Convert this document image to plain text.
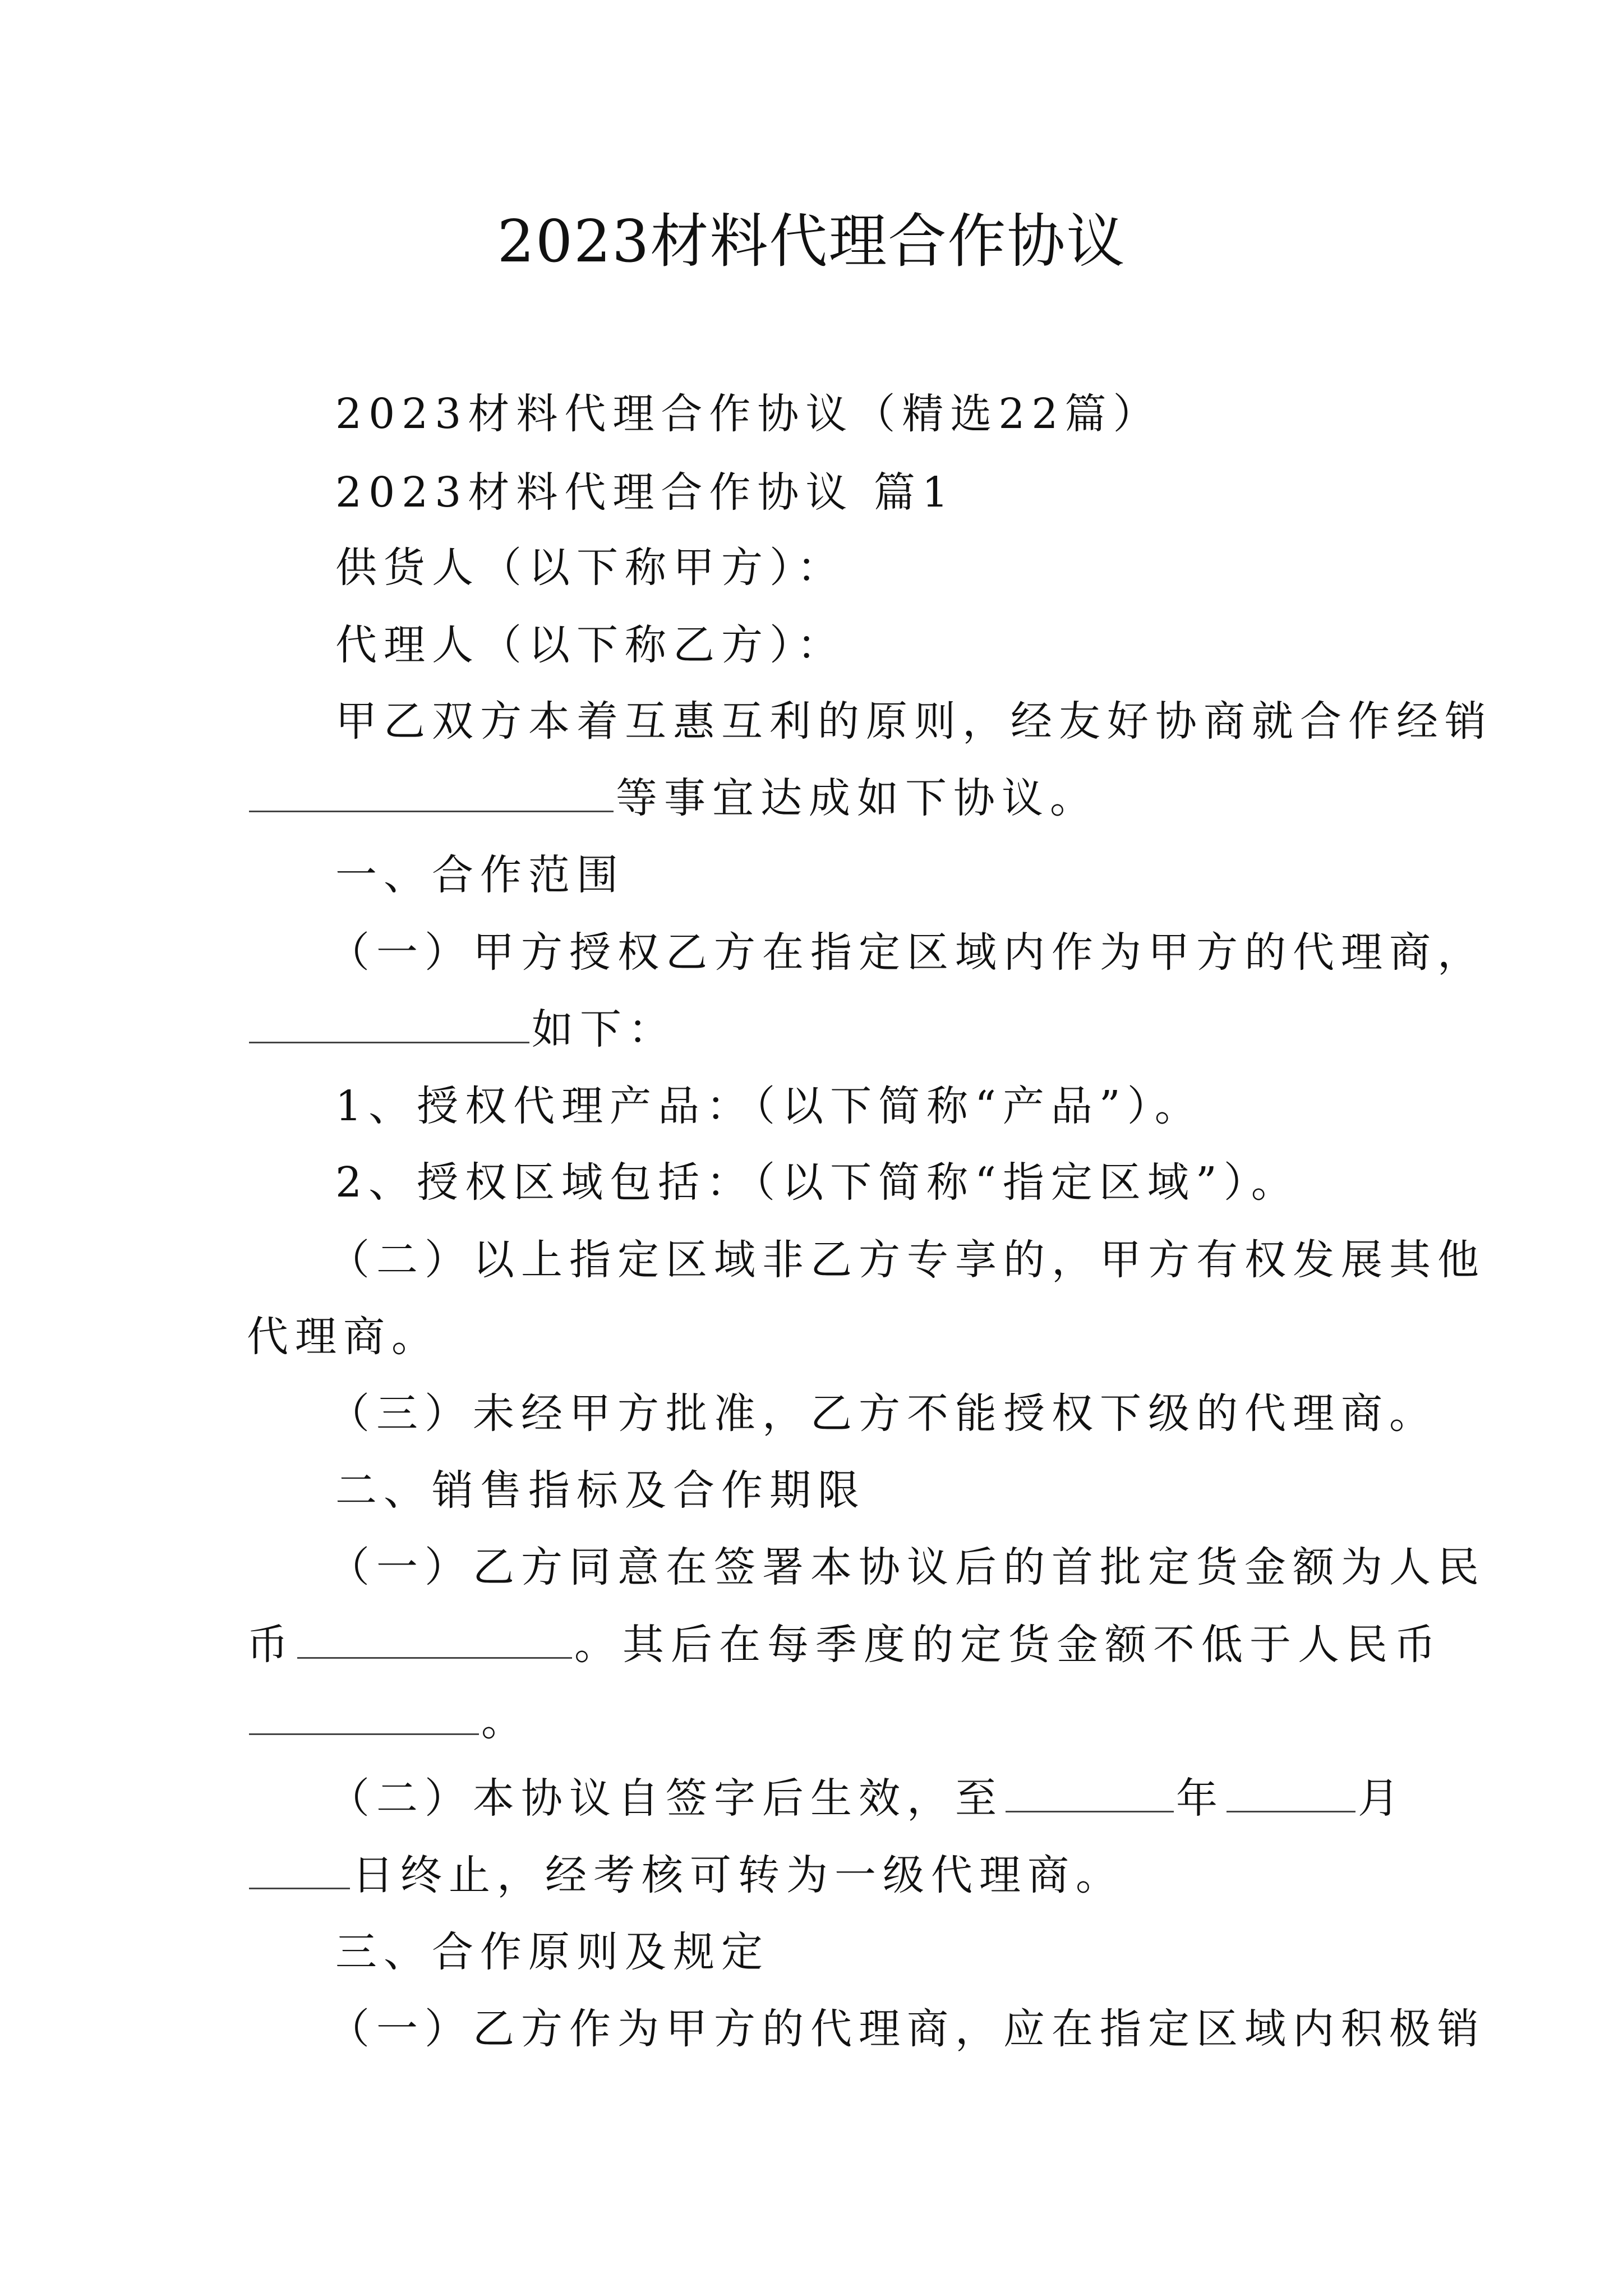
2023材料代理合作协议
2023材料代理合作协议（精选22篇）
2023材料代理合作协议 篇1
供货人（以下称甲方）：
代理人（以下称乙方）：
甲乙双方本着互惠互利的原则，经友好协商就合作经销
等事宜达成如下协议。
一、合作范围
（一）甲方授权乙方在指定区域内作为甲方的代理商，
如下：
1、授权代理产品：（以下简称“产品”）。
2、授权区域包括：（以下简称“指定区域”）。
（二）以上指定区域非乙方专享的，甲方有权发展其他
代理商。
（三）未经甲方批准，乙方不能授权下级的代理商。
二、销售指标及合作期限
（一）乙方同意在签署本协议后的首批定货金额为人民
币	。其后在每季度的定货金额不低于人民币
。
（二）本协议自签字后生效，至	年	月
日终止，经考核可转为一级代理商。
三、合作原则及规定
（一）乙方作为甲方的代理商，应在指定区域内积极销
